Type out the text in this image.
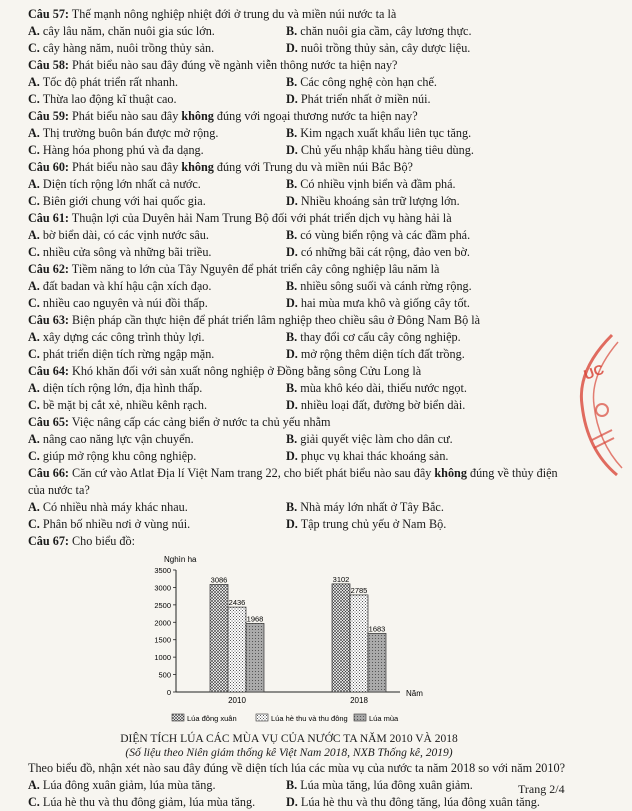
Câu 57: Thế mạnh nông nghiệp nhiệt đới ở trung du và miền núi nước ta là
A. cây lâu năm, chăn nuôi gia súc lớn.	B. chăn nuôi gia cầm, cây lương thực.
C. cây hàng năm, nuôi trồng thủy sản.	D. nuôi trồng thủy sản, cây dược liệu.
Câu 58: Phát biểu nào sau đây đúng về ngành viễn thông nước ta hiện nay?
A. Tốc độ phát triển rất nhanh.	B. Các công nghệ còn hạn chế.
C. Thừa lao động kĩ thuật cao.	D. Phát triển nhất ở miền núi.
Câu 59: Phát biểu nào sau đây không đúng với ngoại thương nước ta hiện nay?
A. Thị trường buôn bán được mở rộng.	B. Kim ngạch xuất khẩu liên tục tăng.
C. Hàng hóa phong phú và đa dạng.	D. Chủ yếu nhập khẩu hàng tiêu dùng.
Câu 60: Phát biểu nào sau đây không đúng với Trung du và miền núi Bắc Bộ?
A. Diện tích rộng lớn nhất cả nước.	B. Có nhiều vịnh biển và đầm phá.
C. Biên giới chung với hai quốc gia.	D. Nhiều khoáng sản trữ lượng lớn.
Câu 61: Thuận lợi của Duyên hải Nam Trung Bộ đối với phát triển dịch vụ hàng hải là
A. bờ biển dài, có các vịnh nước sâu.	B. có vùng biển rộng và các đầm phá.
C. nhiều cửa sông và những bãi triều.	D. có những bãi cát rộng, đảo ven bờ.
Câu 62: Tiềm năng to lớn của Tây Nguyên để phát triển cây công nghiệp lâu năm là
A. đất badan và khí hậu cận xích đạo.	B. nhiều sông suối và cánh rừng rộng.
C. nhiều cao nguyên và núi đồi thấp.	D. hai mùa mưa khô và giống cây tốt.
Câu 63: Biện pháp cần thực hiện để phát triển lâm nghiệp theo chiều sâu ở Đông Nam Bộ là
A. xây dựng các công trình thủy lợi.	B. thay đổi cơ cấu cây công nghiệp.
C. phát triển diện tích rừng ngập mặn.	D. mở rộng thêm diện tích đất trồng.
Câu 64: Khó khăn đối với sản xuất nông nghiệp ở Đồng bằng sông Cửu Long là
A. diện tích rộng lớn, địa hình thấp.	B. mùa khô kéo dài, thiếu nước ngọt.
C. bề mặt bị cắt xẻ, nhiều kênh rạch.	D. nhiều loại đất, đường bờ biển dài.
Câu 65: Việc nâng cấp các cảng biển ở nước ta chủ yếu nhằm
A. nâng cao năng lực vận chuyển.	B. giải quyết việc làm cho dân cư.
C. giúp mở rộng khu công nghiệp.	D. phục vụ khai thác khoáng sản.
Câu 66: Căn cứ vào Atlat Địa lí Việt Nam trang 22, cho biết phát biểu nào sau đây không đúng về thủy điện của nước ta?
A. Có nhiều nhà máy khác nhau.	B. Nhà máy lớn nhất ở Tây Bắc.
C. Phân bố nhiều nơi ở vùng núi.	D. Tập trung chủ yếu ở Nam Bộ.
Câu 67: Cho biểu đồ:
Nghìn ha
Năm
0
500
1000
1500
2000
2500
3000
3500
3086
2436
1968
2010
3102
2785
1683
2018
Lúa đông xuân	Lúa hè thu và thu đông	Lúa mùa
DIỆN TÍCH LÚA CÁC MÙA VỤ CỦA NƯỚC TA NĂM 2010 VÀ 2018
(Số liệu theo Niên giám thống kê Việt Nam 2018, NXB Thống kê, 2019)
Theo biểu đồ, nhận xét nào sau đây đúng về diện tích lúa các mùa vụ của nước ta năm 2018 so với năm 2010?
A. Lúa đông xuân giảm, lúa mùa tăng.	B. Lúa mùa tăng, lúa đông xuân giảm.
C. Lúa hè thu và thu đông giảm, lúa mùa tăng.	D. Lúa hè thu và thu đông tăng, lúa đông xuân tăng.
Trang 2/4
UC
